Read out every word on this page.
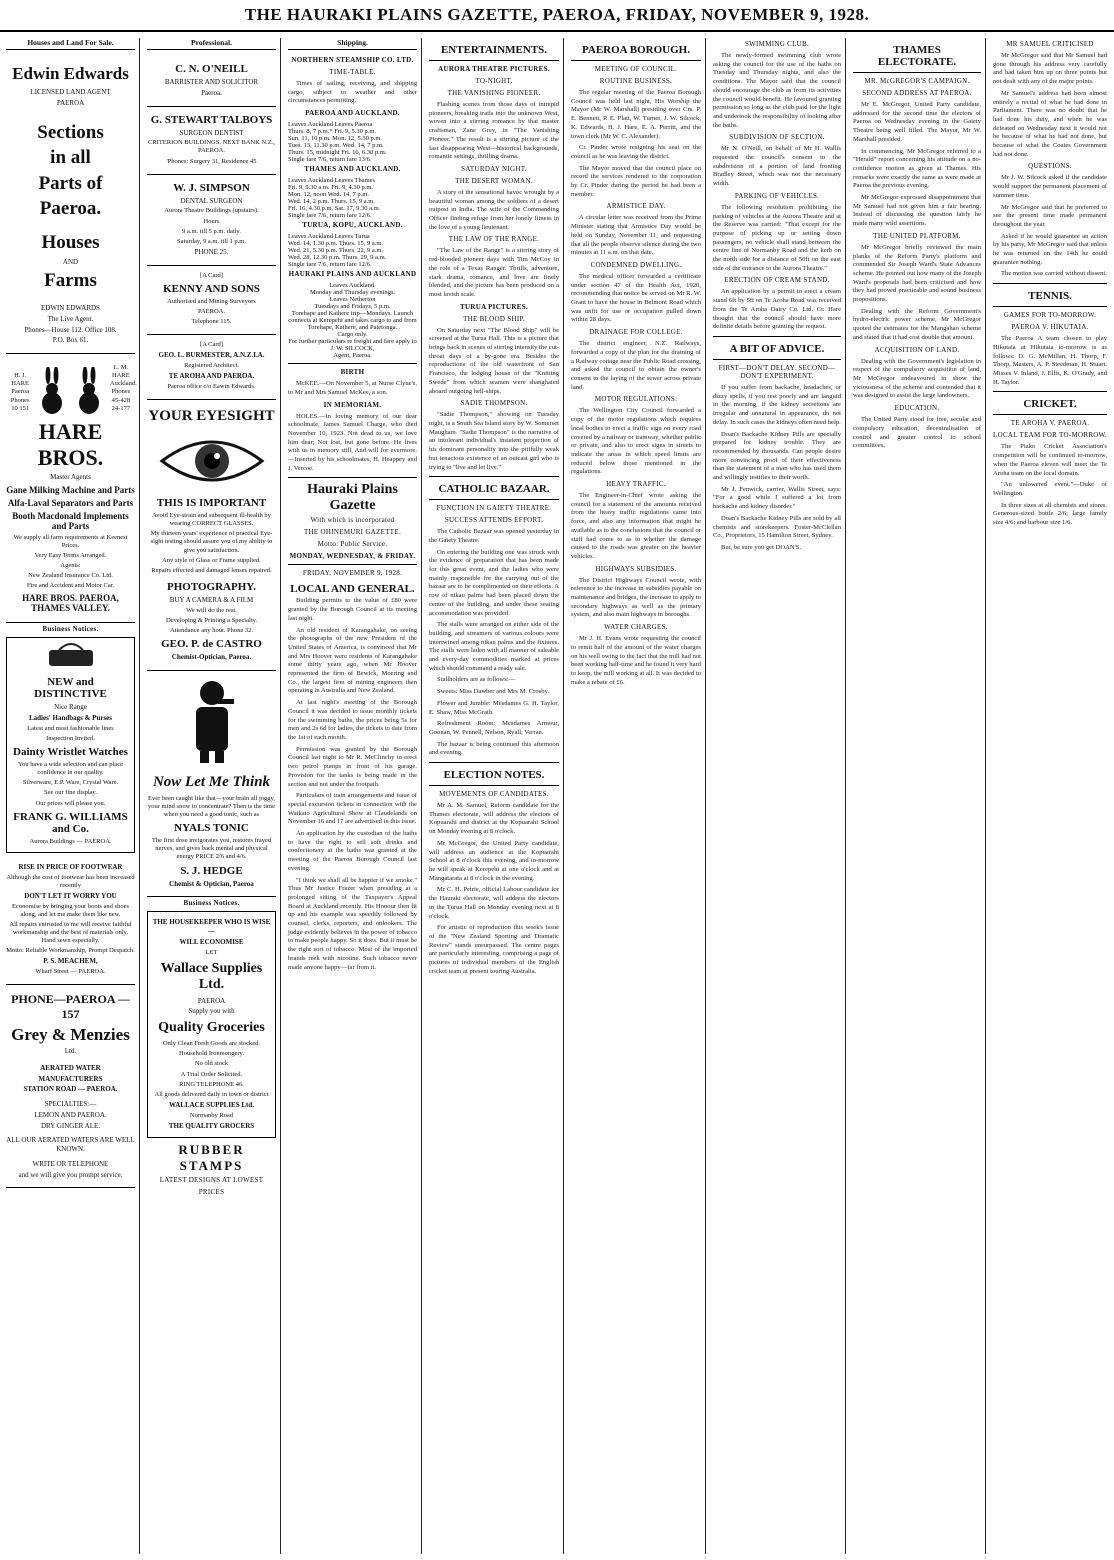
THE HAURAKI PLAINS GAZETTE, PAEROA, FRIDAY, NOVEMBER 9, 1928.
Houses and Land For Sale.
Edwin Edwards
LICENSED LAND AGENT
PAEROA
Sections
in all
Parts of Paeroa.
Houses
AND
Farms
EDWIN EDWARDS
The Live Agent.
Phones—House 112. Office 108.
P.O. Box 61.
H. J. HARE Paeroa Phones 10 151
L. M. HARE Auckland. Phones 45-428 24-177
HARE BROS.
Master Agents
Gane Milking Machine and Parts
Alfa-Laval Separators and Parts
Booth Macdonald Implements and Parts
We supply all farm requirements at Keenest Prices.
Very Easy Terms Arranged.
Agents:
New Zealand Insurance Co. Ltd.
Fire and Accident and Motor Car.
HARE BROS. PAEROA, THAMES VALLEY.
Business Notices.
NEW and DISTINCTIVE
Nice Range
Ladies' Handbags & Purses
Latest and most fashionable lines
Inspection Invited.
Dainty Wristlet Watches
You have a wide selection and can place confidence in our quality.
Silverware, E.P. Ware, Crystal Ware.
See our fine display.
Our prices will please you.
FRANK G. WILLIAMS and Co.
Aurora Buildings — PAEROA.
RISE IN PRICE OF FOOTWEAR
Although the cost of footwear has been increased recently
DON'T LET IT WORRY YOU
Economise by bringing your boots and shoes along, and let me make them like new.
All repairs entrusted to me will receive faithful workmanship and the best of materials only. Hand sewn especially.
Motto: Reliable Workmanship, Prompt Despatch.
P. S. MEACHEM,
Wharf Street — PAEROA.
PHONE—PAEROA —157
Grey & Menzies
Ltd.
AERATED WATER
MANUFACTURERS
STATION ROAD — PAEROA.
SPECIALTIES:—
LEMON AND PAEROA.
DRY GINGER ALE.
ALL OUR AERATED WATERS ARE WELL KNOWN.
WRITE OR TELEPHONE
and we will give you prompt service.
Professional.
C. N. O'NEILL
BARRISTER AND SOLICITOR
Paeroa.
G. STEWART TALBOYS
SURGEON DENTIST
CRITERION BUILDINGS. NEXT BANK N.Z., PAEROA.
'Phones: Surgery 31, Residence 45
W. J. SIMPSON
DENTAL SURGEON
Aurora Theatre Buildings (upstairs).
Hours
9 a.m. till 5 p.m. daily.
Saturday, 9 a.m. till 1 p.m.
PHONE 25.
[A Card]
KENNY AND SONS
Authorised and Mining Surveyors
PAEROA.
Telephone 115.
[A Card]
GEO. L. BURMESTER, A.N.Z.I.A.
Registered Architect.
TE AROHA AND PAEROA.
Paeroa office c/o Eawin Edwards.
YOUR EYESIGHT
THIS IS IMPORTANT
Avoid Eye-strain and subsequent ill-health by wearing CORRECT GLASSES.
My thirteen years' experience of practical Eye-sight testing should assure you of my ability to give you satisfaction.
Any style of Glass or Frame supplied.
Repairs effected and damaged lenses repaired.
PHOTOGRAPHY.
BUY A CAMERA & A FILM
We will do the rest.
Developing & Printing a Specialty.
Attendance any hour. Phone 32.
GEO. P. de CASTRO
Chemist-Optician, Paeroa.
Now Let Me Think
Ever been caught like that—your brain all joggy, your mind snow to concentrate? Then is the time when you need a good tonic, such as
NYALS TONIC
The first dose invigorates you, restores frayed nerves, and gives back mental and physical energy PRICE 2/6 and 4/6.
S. J. HEDGE
Chemist & Optician, Paeroa
Business Notices.
THE HOUSEKEEPER WHO IS WISE—
WILL ECONOMISE
LET
Wallace Supplies Ltd.
PAEROA
Supply you with
Quality Groceries
Only Clean Fresh Goods are stocked.
Household Ironmongery.
No old stock
A Trial Order Solicited.
RING TELEPHONE 46.
All goods delivered daily in town or district
WALLACE SUPPLIES Ltd.
Normanby Road
THE QUALITY GROCERS
RUBBER STAMPS
LATEST DESIGNS AT LOWEST
PRICES
Shipping.
NORTHERN STEAMSHIP CO. LTD.
TIME-TABLE.

Times of sailing, receiving, and shipping cargo, subject to weather and other circumstances permitting.

PAEROA AND AUCKLAND.
Leaves Auckland Leaves Paeroa
Thurs. 8, 7 p.m.* Fri. 9, 5.30 p.m.
Sun. 11, 10 p.m. Mon. 12, 5.30 p.m.
Tues. 13, 11.30 p.m. Wed. 14, 7 p.m.
Thurs. 15, midnight Fri. 16, 6.30 p.m.
Single fare 7/6, return fare 13/6.
THAMES AND AUCKLAND.
Leaves Auckland Leaves Thames
Fri. 9, 9.30 a.m. Fri. 9, 4.30 p.m.
Mon. 12, noon Wed. 14, 7 p.m.
Wed. 14, 2 p.m. Thurs. 15, 9 a.m.
Fri. 16, 4.30 p.m. Sat. 17, 9.30 a.m.
Single fare 7/6, return fare 12/6.
TURUA, KOPU, AUCKLAND.
Leaves Auckland Leaves Turua
Wed. 14, 1.30 p.m. Thurs. 15, 9 a.m.
Wed. 21, 5.30 p.m. Thurs. 22, 9 a.m.
Wed. 28, 12.30 p.m. Thurs. 29, 9 a.m.
Single fare 7/6, return fare 12/6.
HAURAKI PLAINS AND AUCKLAND
Leaves Auckland.
Monday and Thursday evenings.
Leaves Netherton
Tuesdays and Fridays, 5 p.m.
Torehape and Kaihere trip—Mondays. Launch connects at Kerepehi and takes cargo to and from Torehape, Kaihere, and Patetonga.
Cargo only.
For further particulars re freight and fare apply to
J. W. SILCOCK,
Agent, Paeroa.
BIRTH

McKEE.—On November 5, at Nurse Clyne's, to Mr and Mrs Samuel McKee, a son.

IN MEMORIAM.

HOLES.—In loving memory of our dear schoolmate, James Samuel Charge, who died November 10, 1923. Not dead to us, we love him dear; Not lost, but gone before. He lives with us in memory still, And will for evermore. —Inserted by his schoolmates, H. Heappey and J. Vercoe.

Hauraki Plains Gazette
With which is incorporated
THE OHINEMURI GAZETTE.
Motto: Public Service.
MONDAY, WEDNESDAY, & FRIDAY.
FRIDAY, NOVEMBER 9, 1928.
LOCAL AND GENERAL.

Building permits to the value of £80 were granted by the Borough Council at its meeting last night.

An old resident of Karangahake, on seeing the photographs of the new President of the United States of America, is convinced that Mr and Mrs Hoover were residents of Karangahake some thirty years ago, when Mr Hoover represented the firm of Bewick, Moering and Co., the largest firm of mining engineers then operating in Australia and New Zealand.

At last night's meeting of the Borough Council it was decided to issue monthly tickets for the swimming baths, the prices being 5s for men and 2s 6d for ladies, the tickets to date from the 1st of each month.

Permission was granted by the Borough Council last night to Mr R. McClinchy to erect two petrol pumps in front of his garage. Provision for the tanks is being made in the section and not under the footpath.

Particulars of train arrangements and issue of special excursion tickets in connection with the Waikato Agricultural Show at Claudelands on November 16 and 17 are advertised in this issue.

An application by the custodian of the baths to have the right to sell soft drinks and confectionery at the baths was granted at the meeting of the Paeroa Borough Council last evening.

"I think we shall all be happier if we smoke." Thus Mr Justice Frazer when presiding at a prolonged sitting of the Taxpayer's Appeal Board at Auckland recently. His Honour then lit up and his example was speedily followed by counsel, clerks, reporters, and onlookers. The judge evidently believes in the power of tobacco to make people happy. So it does. But it must be the right sort of tobacco. Most of the imported brands reek with nicotine. Such tobacco never made anyone happy—far from it.

ENTERTAINMENTS.
AURORA THEATRE PICTURES.
TO-NIGHT.
THE VANISHING PIONEER.

Flashing scenes from those days of intrepid pioneers, breaking trails into the unknown West, woven into a stirring romance by that master craftsman, Zane Grey, in "The Vanishing Pioneer." The result is a stirring picture of the fast disappearing West—historical backgrounds, romantic settings, thrilling drama.

SATURDAY NIGHT.
THE DESERT WOMAN.

A story of the sensational havoc wrought by a beautiful woman among the soldiers of a desert outpost in India. The wife of the Commanding Officer finding refuge from her lonely fitness in the love of a young lieutenant.

THE LAW OF THE RANGE.

"The Law of the Range" is a stirring story of red-blooded pioneer days with Tim McCoy in the role of a Texas Ranger. Thrills, adventure, stark drama, romance, and love are finely blended, and the picture has been produced on a most lavish scale.

TURUA PICTURES.
THE BLOOD SHIP.

On Saturday next "The Blood Ship" will be screened at the Turua Hall. This is a picture that brings back in scenes of stirring intensity the cut-throat days of a by-gone era. Besides the reproductions of the old waterfront of San Francisco, the lodging house of the "Knitting Swede" from which seamen were shanghaied aboard outgoing hell-ships.

SADIE THOMPSON.

"Sadie Thompson," showing on Tuesday night, is a South Sea Island story by W. Somerset Maugham. "Sadie Thompson" is the narrative of an intolerant individual's insistent projection of his dominant personality into the pitifully weak but tenacious existence of an outcast girl who is trying to "live and let live."

CATHOLIC BAZAAR.
FUNCTION IN GAIETY THEATRE.
SUCCESS ATTENDS EFFORT.

The Catholic Bazaar was opened yesterday in the Gaiety Theatre.

On entering the building one was struck with the evidence of preparation that has been made for this great event, and the ladies who were mainly responsible for the carrying out of the bazaar are to be complimented on their efforts. A row of nikau palms had been placed down the centre of the building, and under these seating accommodation was provided.

The stalls were arranged on either side of the building, and streamers of various colours were intertwined among nikau palms and the fixtures. The stalls were laden with all manner of saleable and every-day commodities marked at prices which should command a ready sale.

Stallholders are as follows:—

Sweets: Miss Dawber and Mrs M. Crosby.

Flower and Jumble: Mesdames G. H. Taylor, E. Shaw, Miss McGrath.

Refreshment Room: Mesdames Armour, Goonan, W. Pennell, Nelson, Ryall, Verran.

The bazaar is being continued this afternoon and evening.

ELECTION NOTES.
MOVEMENTS OF CANDIDATES.

Mr A. M. Samuel, Reform candidate for the Thames electorate, will address the electors of Kopuarahi and district at the Kopuarahi School on Monday evening at 8 o'clock.

Mr McGregor, the United Party candidate, will address an audience at the Kopuarahi School at 8 o'clock this evening, and to-morrow he will speak at Kerepehi at one o'clock and at Mangatarata at 8 o'clock in the evening.

Mr C. H. Petrie, official Labour candidate for the Hauraki electorate, will address the electors in the Turua Hall on Monday evening next at 8 o'clock.

For artistic of reproduction this week's issue of the "New Zealand Sporting and Dramatic Review" stands unsurpassed. The centre pages are particularly interesting, comprising a page of pictures of individual members of the English cricket team at present touring Australia.

PAEROA BOROUGH.
MEETING OF COUNCIL.
ROUTINE BUSINESS.

The regular meeting of the Paeroa Borough Council was held last night, His Worship the Mayor (Mr W. Marshall) presiding over Crs. P. E. Bennett, P. E. Platt, W. Turner, J. W. Silcock, K. Edwards, H. J. Hare, E. A. Perritt, and the town clerk (Mr W. C. Alexander).

Cr. Pinder wrote resigning his seat on the council as he was leaving the district.

The Mayor moved that the council place on record the services rendered to the corporation by Cr. Pinder during the period he had been a member.

ARMISTICE DAY.

A circular letter was received from the Prime Minister stating that Armistice Day would be held on Sunday, November 11, and requesting that all the people observe silence during the two minutes at 11 a.m. on that date.

CONDEMNED DWELLING.

The medical officer forwarded a certificate under section 47 of the Health Act, 1920, recommending that notice be served on Mr R. W. Grant to have the house in Belmont Road which was unfit for use or occupation pulled down within 28 days.

DRAINAGE FOR COLLEGE.

The district engineer, N.Z. Railways, forwarded a copy of the plan for the draining of a Railway cottage near the Public Road crossing, and asked the council to obtain the owner's consent to the laying of the sewer across private land.

MOTOR REGULATIONS.

The Wellington City Council forwarded a copy of the motor regulations which requires local bodies to erect a traffic sign on every road covered by a railway or tramway, whether public or private, and also to erect signs in streets to indicate the areas in which speed limits are reduced below those mentioned in the regulations.

HEAVY TRAFFIC.

The Engineer-in-Chief wrote asking the council for a statement of the amounts received from the heavy traffic regulations came into force, and also any information that might be available as to the conclusions that the council or staff had come to as to whether the damage caused to the roads was greater on the heavier vehicles.

HIGHWAYS SUBSIDIES.

The District Highways Council wrote, with reference to the increase in subsidies payable on maintenance and bridges, the increase to apply to secondary highways as well as the primary system, and also main highways in boroughs.

WATER CHARGES.

Mr J. H. Evans wrote requesting the council to remit half of the amount of the water charges on his well owing to the fact that the mill had not been working half-time and he found it very hard to keep, the mill working at all. It was decided to make a rebate of £6.

SWIMMING CLUB.

The newly-formed swimming club wrote asking the council for the use of the baths on Tuesday and Thursday nights, and also the conditions. The Mayor said that the council should encourage the club as from its activities the council would benefit. He favoured granting permission so long as the club paid for the light and undertook the responsibility of looking after the baths.

SUBDIVISION OF SECTION.

Mr N. O'Neill, on behalf of Mr H. Wallis requested the council's consent to the subdivision of a portion of land fronting Bradley Street, which was not the necessary width.

PARKING OF VEHICLES.

The following resolution prohibiting the parking of vehicles at the Aurora Theatre and at the Reserve was carried: "That except for the purpose of picking up or setting down passengers, no vehicle shall stand between the centre line of Normanby Road and the kerb on the north side for a distance of 50ft on the east side of the entrance to the Aurora Theatre."

ERECTION OF CREAM STAND.

An application by a permit to erect a cream stand 6ft by 5ft on Te Aroha Road was received from the Te Aroha Dairy Co. Ltd. Cr. Hare thought that the council should have more definite details before granting the request.

A BIT OF ADVICE.
FIRST—DON'T DELAY. SECOND—DON'T EXPERIMENT.

If you suffer from backache, headaches, or dizzy spells, if you rest poorly and are languid in the morning, if the kidney secretions are irregular and unnatural in appearance, do not delay. In such cases the kidneys often need help.

Doan's Backache Kidney Pills are specially prepared for kidney trouble. They are recommended by thousands. Can people desire more convincing proof of their effectiveness than the statement of a man who has used them and willingly testifies to their worth.

Mr J. Fenwick, carrier, Wallis Street, says: "For a good while I suffered a lot from backache and kidney disorder."

Doan's Backache Kidney Pills are sold by all chemists and storekeepers. Foster-McClellan Co., Proprietors, 15 Hamilton Street, Sydney.

But, be sure you get DOAN'S.

THAMES ELECTORATE.
MR. McGREGOR'S CAMPAIGN.
SECOND ADDRESS AT PAEROA.

Mr E. McGregor, United Party candidate, addressed for the second time the electors of Paeroa on Wednesday evening in the Gaiety Theatre being well filled. The Mayor, Mr W. Marshall presided.

In commencing, Mr McGregor referred to a "Herald" report concerning his attitude on a no-confidence motion as given at Thames. His remarks were exactly the same as were made at Paeroa the previous evening.

Mr McGregor expressed disappointment that Mr Samuel had not given him a fair hearing. Instead of discussing the question fairly he made many wild assertions.

THE UNITED PLATFORM.

Mr McGregor briefly reviewed the main planks of the Reform Party's platform and commended Sir Joseph Ward's State Advances scheme. He pointed out how many of the Joseph Ward's proposals had been criticised and how they had proved practicable and sound business propositions.

Dealing with the Reform Government's hydro-electric power scheme, Mr McGregor quoted the estimates for the Mangahao scheme and stated that it had cost double that amount.

ACQUISITION OF LAND.

Dealing with the Government's legislation in respect of the compulsory acquisition of land, Mr McGregor endeavoured to show the viciousness of the scheme and contended that it was designed to assist the large landowners.

EDUCATION.

The United Party stood for free, secular and compulsory education, decentralisation of control and greater control to school committees.

MR SAMUEL CRITICISED

Mr McGregor said that Mr Samuel had gone through his address very carefully and had taken him up on three points but not dealt with any of the major points.

Mr Samuel's address had been almost entirely a recital of what he had done in Parliament. There was no doubt that he had done his duty, and when he was defeated on Wednesday next it would not be because of what he had not done, but because of what the Coates Government had not done.

QUESTIONS.

Mr J. W. Silcock asked if the candidate would support the permanent placement of summer time.

Mr McGregor said that he preferred to see the present time made permanent throughout the year.

Asked if he would guarantee an action by his party, Mr McGregor said that unless he was returned on the 14th he could guarantee nothing.

The motion was carried without dissent.

TENNIS.
GAMES FOR TO-MORROW.
PAEROA V. HIKUTAIA.

The Paeroa A team chosen to play Hikutaia at Hikutaia to-morrow is as follows: D. G. McMillan, H. Thorp, F. Thorp. Masters, A. P. Steedman, H. Stuart. Misses V. Inland, J. Ellis, K. O'Grady, and H. Taylor.

CRICKET.
TE AROHA V. PAEROA.
LOCAL TEAM FOR TO-MORROW.

The Piako Cricket Association's competition will be continued to-morrow, when the Paeroa eleven will meet the Te Aroha team on the local domain.

"An unlowered event."—Duke of Wellington.

In three sizes at all chemists and stores. Generous-sized bottle 2/6; large family size 4/6; and barbour size 1/6.
